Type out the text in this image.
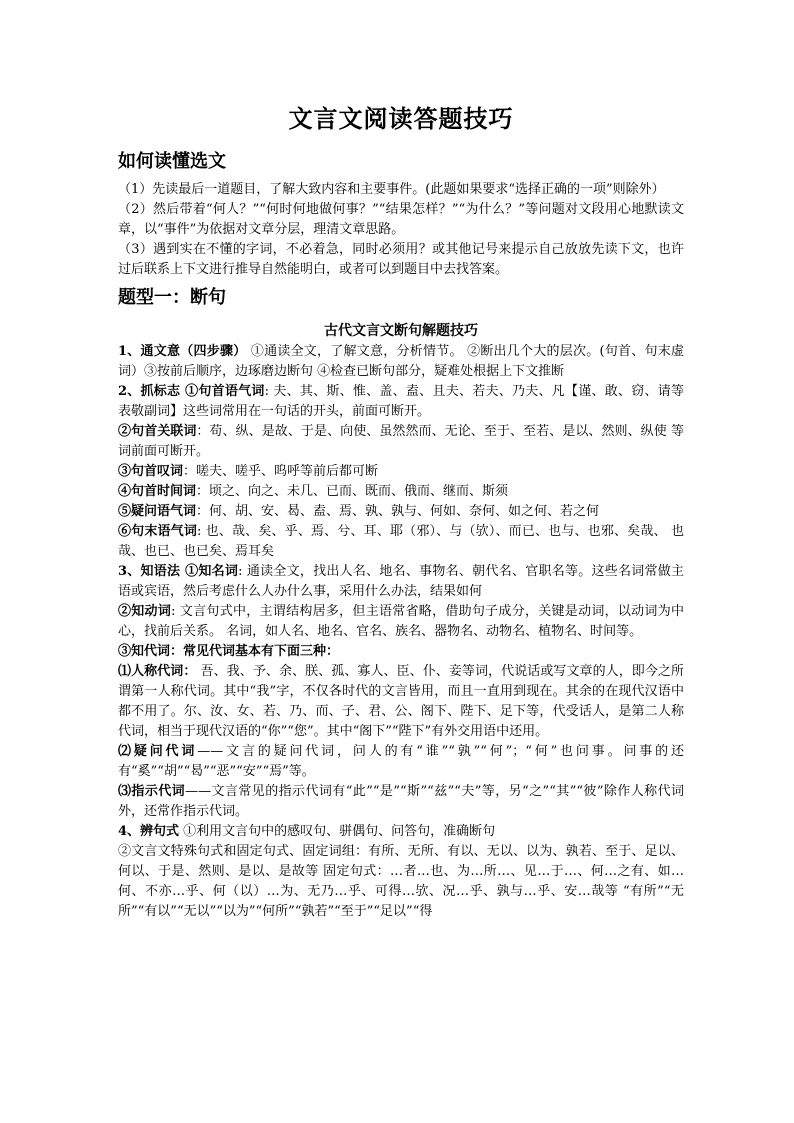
文言文阅读答题技巧
如何读懂选文

（1）先读最后一道题目，了解大致内容和主要事件。(此题如果要求“选择正确的一项”则除外）

（2）然后带着“何人？”“何时何地做何事？”“结果怎样？”“为什么？”等问题对文段用心地默读文章，以“事件”为依据对文章分层，理清文章思路。

（3）遇到实在不懂的字词，不必着急，同时必须用？或其他记号来提示自己放放先读下文，也许过后联系上下文进行推导自然能明白，或者可以到题目中去找答案。

题型一：断句
古代文言文断句解题技巧

1、通文意（四步骤） ①通读全文，了解文意，分析情节。 ②断出几个大的层次。(句首、句末虚词）③按前后顺序，边琢磨边断句 ④检查已断句部分，疑难处根据上下文推断

2、抓标志 ①句首语气词: 夫、其、斯、惟、盖、盍、且夫、若夫、乃夫、凡【谨、敢、窃、请等表敬副词】这些词常用在一句话的开头，前面可断开。

②句首关联词：苟、纵、是故、于是、向使、虽然然而、无论、至于、至若、是以、然则、纵使 等词前面可断开。

③句首叹词：嗟夫、嗟乎、呜呼等前后都可断

④句首时间词：顷之、向之、未几、已而、既而、俄而、继而、斯须

⑤疑问语气词：何、胡、安、曷、盍、焉、孰、孰与、何如、奈何、如之何、若之何

⑥句末语气词: 也、哉、矣、乎、焉、兮、耳、耶（邪）、与（欤）、而已、也与、也邪、矣哉、 也哉、也已、也已矣、焉耳矣

3、知语法 ①知名词: 通读全文，找出人名、地名、事物名、朝代名、官职名等。这些名词常做主语或宾语，然后考虑什么人办什么事，采用什么办法，结果如何

②知动词: 文言句式中，主谓结构居多，但主语常省略，借助句子成分，关键是动词，以动词为中心，找前后关系。 名词，如人名、地名、官名、族名、器物名、动物名、植物名、时间等。

③知代词：常见代词基本有下面三种：

⑴人称代词： 吾、我、予、余、朕、孤、寡人、臣、仆、妾等词，代说话或写文章的人，即今之所谓第一人称代词。其中“我”字，不仅各时代的文言皆用，而且一直用到现在。其余的在现代汉语中都不用了。尔、汝、女、若、乃、而、子、君、公、阁下、陛下、足下等，代受话人，是第二人称代词，相当于现代汉语的“你”“您”。其中“阁下”“陛下”有外交用语中还用。

⑵疑问代词——文言的疑问代词，问人的有“谁”“孰”“何”；“何”也问事。问事的还有“奚”“胡”“曷”“恶”“安”“焉”等。

⑶指示代词——文言常见的指示代词有“此”“是”“斯”“兹”“夫”等，另“之”“其”“彼”除作人称代词外，还常作指示代词。

4、辨句式 ①利用文言句中的感叹句、骈偶句、问答句，准确断句

②文言文特殊句式和固定句式、固定词组：有所、无所、有以、无以、以为、孰若、至于、足以、何以、于是、然则、是以、是故等 固定句式：…者…也、为…所…、见…于…、何…之有、如…何、不亦…乎、何（以）…为、无乃…乎、可得…欤、况…乎、孰与…乎、安…哉等 “有所”“无所”“有以”“无以”“以为”“何所”“孰若”“至于”“足以”“得
